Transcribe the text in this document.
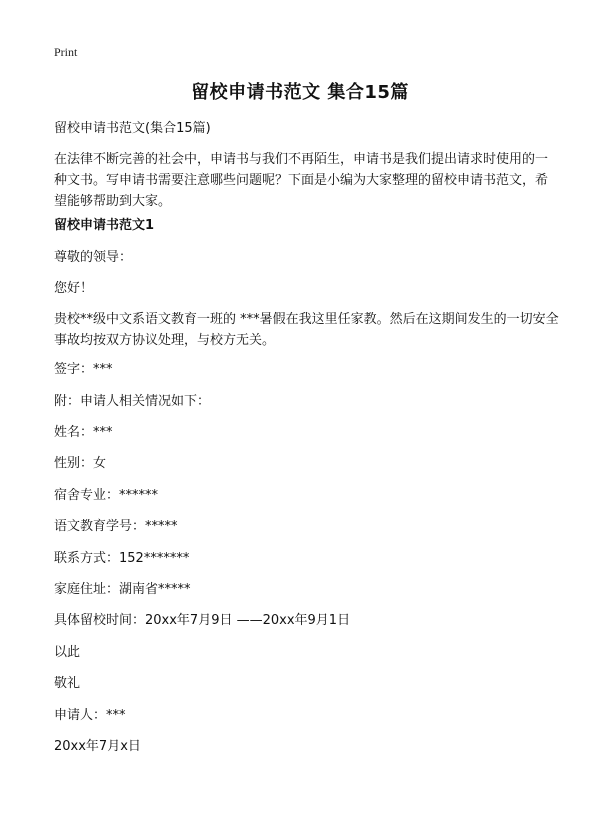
Print
留校申请书范文 集合15篇

留校申请书范文(集合15篇)

在法律不断完善的社会中，申请书与我们不再陌生，申请书是我们提出请求时使用的一种文书。写申请书需要注意哪些问题呢？下面是小编为大家整理的留校申请书范文，希望能够帮助到大家。

留校申请书范文1

尊敬的领导：

您好！

贵校**级中文系语文教育一班的 ***暑假在我这里任家教。然后在这期间发生的一切安全事故均按双方协议处理，与校方无关。

签字：***

附：申请人相关情况如下：

姓名：***

性别：女

宿舍专业：******

语文教育学号：*****

联系方式：152*******

家庭住址：湖南省*****

具体留校时间：20xx年7月9日 ——20xx年9月1日

以此

敬礼

申请人：***

20xx年7月x日
